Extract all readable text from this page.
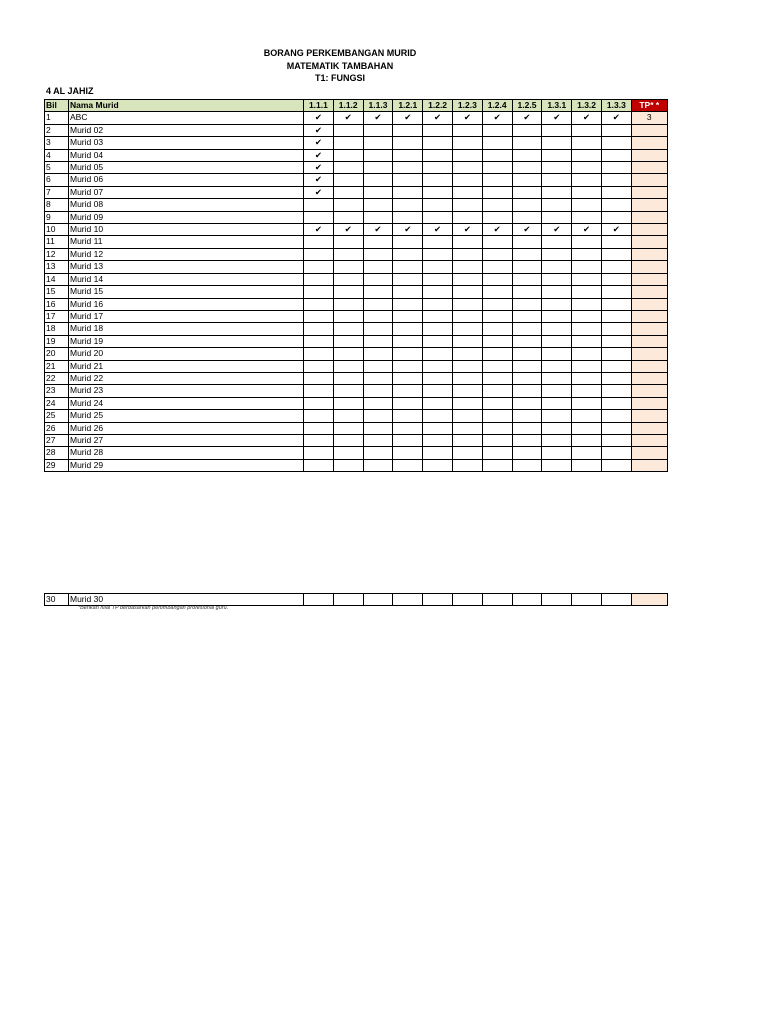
BORANG PERKEMBANGAN MURID
MATEMATIK TAMBAHAN
T1: FUNGSI
4 AL JAHIZ
Bil	Nama Murid	1.1.1	1.1.2	1.1.3	1.2.1	1.2.2	1.2.3	1.2.4	1.2.5	1.3.1	1.3.2	1.3.3	TP* *
1	ABC	✔	✔	✔	✔	✔	✔	✔	✔	✔	✔	✔	3
2	Murid 02	✔											
3	Murid 03	✔											
4	Murid 04	✔											
5	Murid 05	✔											
6	Murid 06	✔											
7	Murid 07	✔											
8	Murid 08												
9	Murid 09												
10	Murid 10	✔	✔	✔	✔	✔	✔	✔	✔	✔	✔	✔	
11	Murid 11												
12	Murid 12												
13	Murid 13												
14	Murid 14												
15	Murid 15												
16	Murid 16												
17	Murid 17												
18	Murid 18												
19	Murid 19												
20	Murid 20												
21	Murid 21												
22	Murid 22												
23	Murid 23												
24	Murid 24												
25	Murid 25												
26	Murid 26												
27	Murid 27												
28	Murid 28												
29	Murid 29												
30	Murid 30												
*Berikan nilai TP berdasarkan pertimbangan profesional guru.
